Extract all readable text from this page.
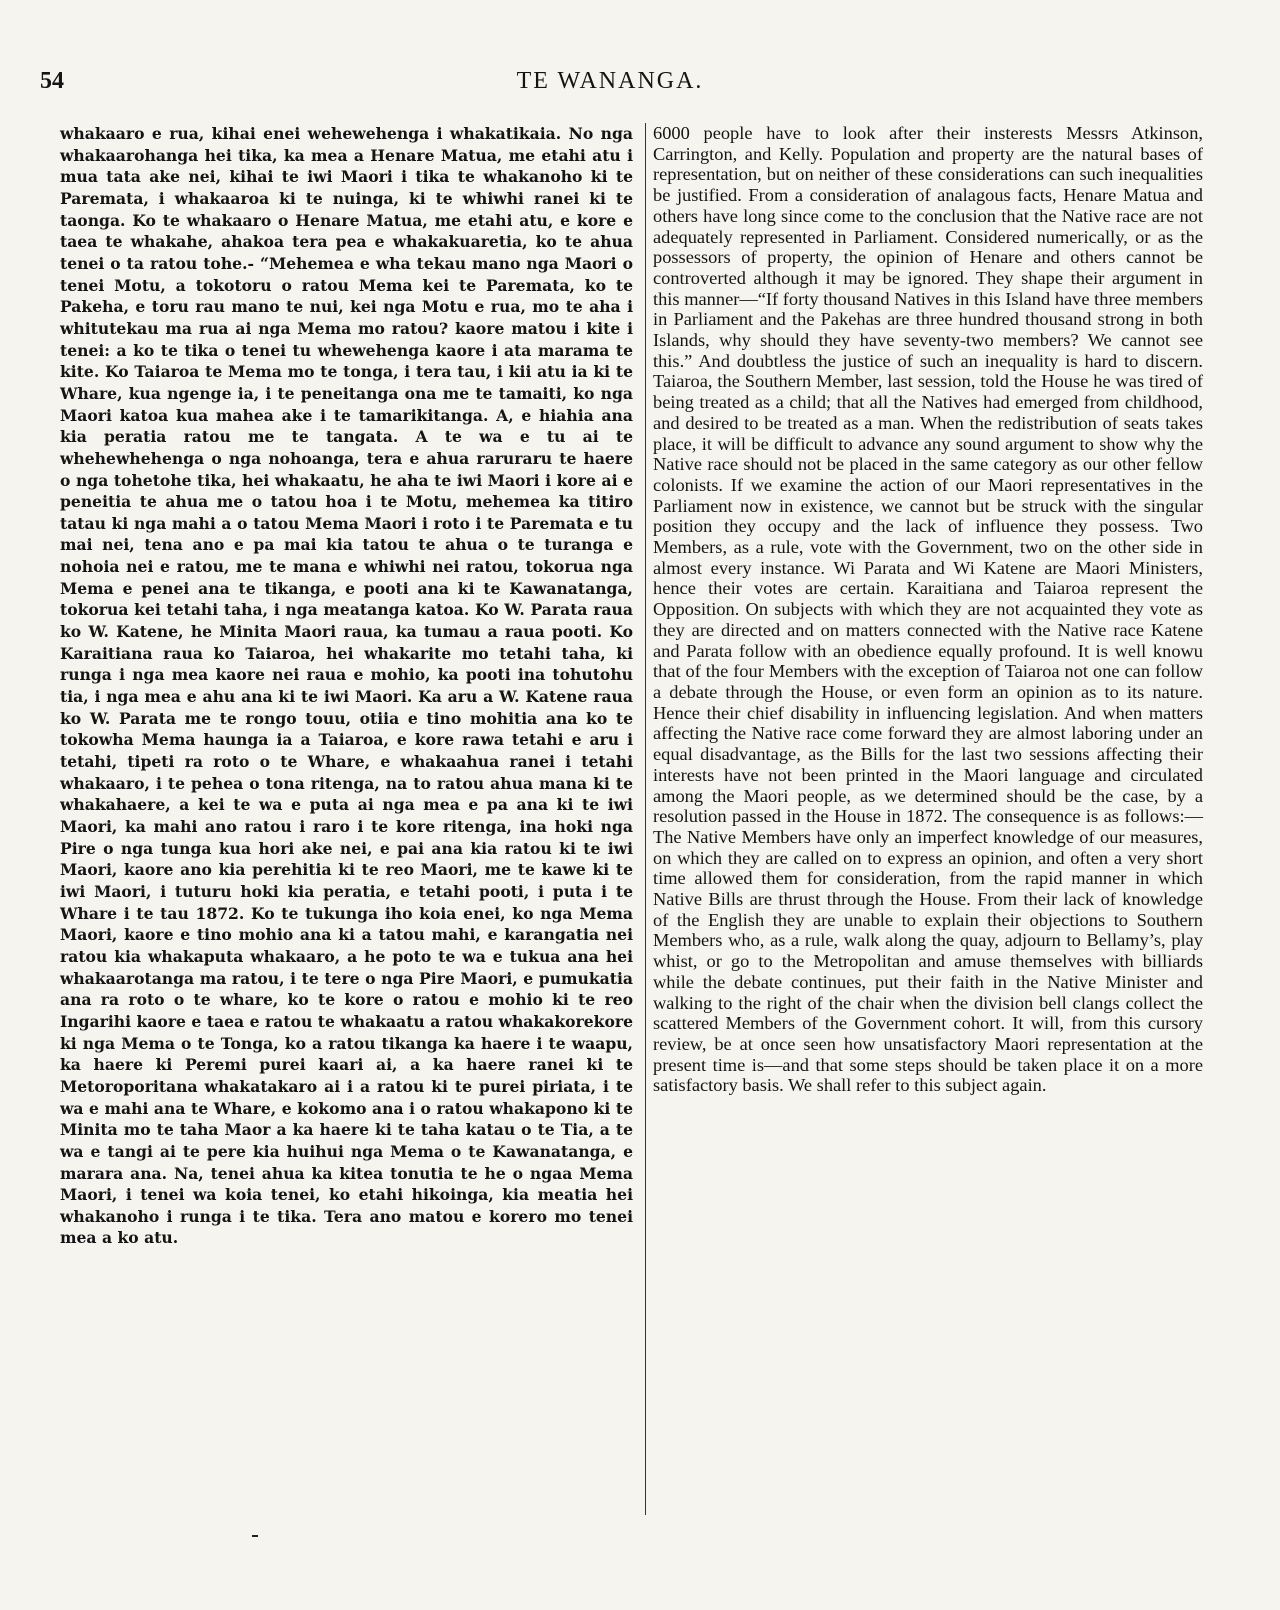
54	TE WANANGA.

whakaaro e rua, kihai enei wehewehenga i whakatikaia. No nga whakaarohanga hei tika, ka mea a Henare Matua, me etahi atu i mua tata ake nei, kihai te iwi Maori i tika te whakanoho ki te Paremata, i whakaaroa ki te nuinga, ki te whiwhi ranei ki te taonga. Ko te whakaaro o Henare Matua, me etahi atu, e kore e taea te whakahe, ahakoa tera pea e whakakuaretia, ko te ahua tenei o ta ratou tohe.- “Mehemea e wha tekau mano nga Maori o tenei Motu, a tokotoru o ratou Mema kei te Paremata, ko te Pakeha, e toru rau mano te nui, kei nga Motu e rua, mo te aha i whitutekau ma rua ai nga Mema mo ratou? kaore matou i kite i tenei: a ko te tika o tenei tu whewehenga kaore i ata marama te kite. Ko Taiaroa te Mema mo te tonga, i tera tau, i kii atu ia ki te Whare, kua ngenge ia, i te peneitanga ona me te tamaiti, ko nga Maori katoa kua mahea ake i te tamarikitanga. A, e hiahia ana kia peratia ratou me te tangata. A te wa e tu ai te whehewhehenga o nga nohoanga, tera e ahua raruraru te haere o nga tohetohe tika, hei whakaatu, he aha te iwi Maori i kore ai e peneitia te ahua me o tatou hoa i te Motu, mehemea ka titiro tatau ki nga mahi a o tatou Mema Maori i roto i te Paremata e tu mai nei, tena ano e pa mai kia tatou te ahua o te turanga e nohoia nei e ratou, me te mana e whiwhi nei ratou, tokorua nga Mema e penei ana te tikanga, e pooti ana ki te Kawanatanga, tokorua kei tetahi taha, i nga meatanga katoa. Ko W. Parata raua ko W. Katene, he Minita Maori raua, ka tumau a raua pooti. Ko Karaitiana raua ko Taiaroa, hei whakarite mo tetahi taha, ki runga i nga mea kaore nei raua e mohio, ka pooti ina tohutohu tia, i nga mea e ahu ana ki te iwi Maori. Ka aru a W. Katene raua ko W. Parata me te rongo touu, otiia e tino mohitia ana ko te tokowha Mema haunga ia a Taiaroa, e kore rawa tetahi e aru i tetahi, tipeti ra roto o te Whare, e whakaahua ranei i tetahi whakaaro, i te pehea o tona ritenga, na to ratou ahua mana ki te whakahaere, a kei te wa e puta ai nga mea e pa ana ki te iwi Maori, ka mahi ano ratou i raro i te kore ritenga, ina hoki nga Pire o nga tunga kua hori ake nei, e pai ana kia ratou ki te iwi Maori, kaore ano kia perehitia ki te reo Maori, me te kawe ki te iwi Maori, i tuturu hoki kia peratia, e tetahi pooti, i puta i te Whare i te tau 1872. Ko te tukunga iho koia enei, ko nga Mema Maori, kaore e tino mohio ana ki a tatou mahi, e karangatia nei ratou kia whakaputa whakaaro, a he poto te wa e tukua ana hei whakaarotanga ma ratou, i te tere o nga Pire Maori, e pumukatia ana ra roto o te whare, ko te kore o ratou e mohio ki te reo Ingarihi kaore e taea e ratou te whakaatu a ratou whakakorekore ki nga Mema o te Tonga, ko a ratou tikanga ka haere i te waapu, ka haere ki Peremi purei kaari ai, a ka haere ranei ki te Metoroporitana whakatakaro ai i a ratou ki te purei piriata, i te wa e mahi ana te Whare, e kokomo ana i o ratou whakapono ki te Minita mo te taha Maor a ka haere ki te taha katau o te Tia, a te wa e tangi ai te pere kia huihui nga Mema o te Kawanatanga, e marara ana. Na, tenei ahua ka kitea tonutia te he o ngaa Mema Maori, i tenei wa koia tenei, ko etahi hikoinga, kia meatia hei whakanoho i runga i te tika. Tera ano matou e korero mo tenei mea a ko atu.

6000 people have to look after their insterests Messrs Atkinson, Carrington, and Kelly. Population and property are the natural bases of representation, but on neither of these considerations can such inequalities be justified. From a consideration of analagous facts, Henare Matua and others have long since come to the conclusion that the Native race are not adequately represented in Parliament. Considered numerically, or as the possessors of property, the opinion of Henare and others cannot be controverted although it may be ignored. They shape their argument in this manner—“If forty thousand Natives in this Island have three members in Parliament and the Pakehas are three hundred thousand strong in both Islands, why should they have seventy-two members? We cannot see this.” And doubtless the justice of such an inequality is hard to discern. Taiaroa, the Southern Member, last session, told the House he was tired of being treated as a child; that all the Natives had emerged from childhood, and desired to be treated as a man. When the redistribution of seats takes place, it will be difficult to advance any sound argument to show why the Native race should not be placed in the same category as our other fellow colonists. If we examine the action of our Maori representatives in the Parliament now in existence, we cannot but be struck with the singular position they occupy and the lack of influence they possess. Two Members, as a rule, vote with the Government, two on the other side in almost every instance. Wi Parata and Wi Katene are Maori Ministers, hence their votes are certain. Karaitiana and Taiaroa represent the Opposition. On subjects with which they are not acquainted they vote as they are directed and on matters connected with the Native race Katene and Parata follow with an obedience equally profound. It is well knowu that of the four Members with the exception of Taiaroa not one can follow a debate through the House, or even form an opinion as to its nature. Hence their chief disability in influencing legislation. And when matters affecting the Native race come forward they are almost laboring under an equal disadvantage, as the Bills for the last two sessions affecting their interests have not been printed in the Maori language and circulated among the Maori people, as we determined should be the case, by a resolution passed in the House in 1872. The consequence is as follows:—The Native Members have only an imperfect knowledge of our measures, on which they are called on to express an opinion, and often a very short time allowed them for consideration, from the rapid manner in which Native Bills are thrust through the House. From their lack of knowledge of the English they are unable to explain their objections to Southern Members who, as a rule, walk along the quay, adjourn to Bellamy’s, play whist, or go to the Metropolitan and amuse themselves with billiards while the debate continues, put their faith in the Native Minister and walking to the right of the chair when the division bell clangs collect the scattered Members of the Government cohort. It will, from this cursory review, be at once seen how unsatisfactory Maori representation at the present time is—and that some steps should be taken place it on a more satisfactory basis. We shall refer to this subject again.
